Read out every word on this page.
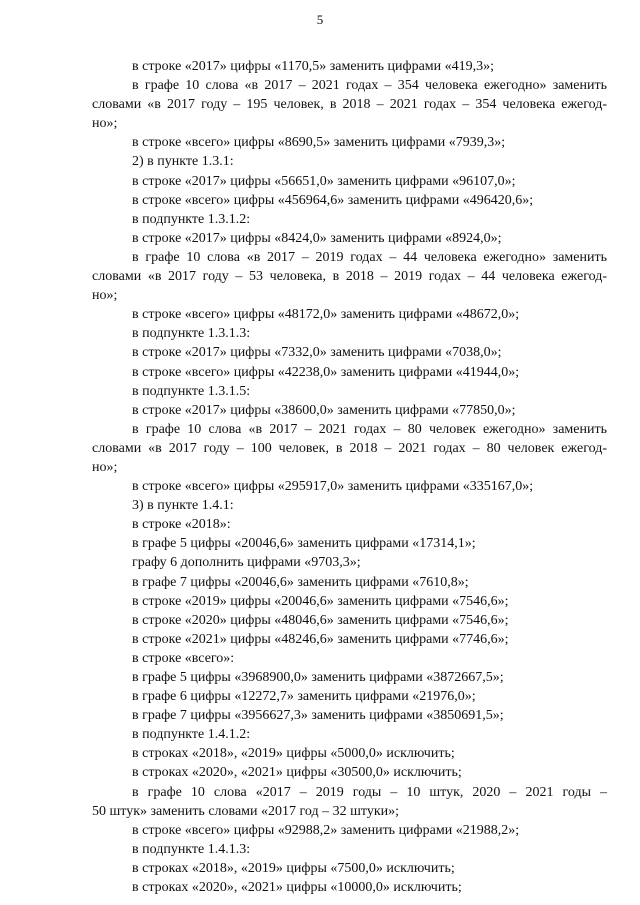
5
в строке «2017» цифры «1170,5» заменить цифрами «419,3»;
в графе 10 слова «в 2017 – 2021 годах – 354 человека ежегодно» заменить
словами «в 2017 году – 195 человек, в 2018 – 2021 годах – 354 человека ежегод-
но»;
в строке «всего» цифры «8690,5» заменить цифрами «7939,3»;
2) в пункте 1.3.1:
в строке «2017» цифры «56651,0» заменить цифрами «96107,0»;
в строке «всего» цифры «456964,6» заменить цифрами «496420,6»;
в подпункте 1.3.1.2:
в строке «2017» цифры «8424,0» заменить цифрами «8924,0»;
в графе 10 слова «в 2017 – 2019 годах – 44 человека ежегодно» заменить
словами «в 2017 году – 53 человека, в 2018 – 2019 годах – 44 человека ежегод-
но»;
в строке «всего» цифры «48172,0» заменить цифрами «48672,0»;
в подпункте 1.3.1.3:
в строке «2017» цифры «7332,0» заменить цифрами «7038,0»;
в строке «всего» цифры «42238,0» заменить цифрами «41944,0»;
в подпункте 1.3.1.5:
в строке «2017» цифры «38600,0» заменить цифрами «77850,0»;
в графе 10 слова «в 2017 – 2021 годах – 80 человек ежегодно» заменить
словами «в 2017 году – 100 человек, в 2018 – 2021 годах – 80 человек ежегод-
но»;
в строке «всего» цифры «295917,0» заменить цифрами «335167,0»;
3) в пункте 1.4.1:
в строке «2018»:
в графе 5 цифры «20046,6» заменить цифрами «17314,1»;
графу 6 дополнить цифрами «9703,3»;
в графе 7 цифры «20046,6» заменить цифрами «7610,8»;
в строке «2019» цифры «20046,6» заменить цифрами «7546,6»;
в строке «2020» цифры «48046,6» заменить цифрами «7546,6»;
в строке «2021» цифры «48246,6» заменить цифрами «7746,6»;
в строке «всего»:
в графе 5 цифры «3968900,0» заменить цифрами «3872667,5»;
в графе 6 цифры «12272,7» заменить цифрами «21976,0»;
в графе 7 цифры «3956627,3» заменить цифрами «3850691,5»;
в подпункте 1.4.1.2:
в строках «2018», «2019» цифры «5000,0» исключить;
в строках «2020», «2021» цифры «30500,0» исключить;
в графе 10 слова «2017 – 2019 годы – 10 штук, 2020 – 2021 годы –
50 штук» заменить словами «2017 год – 32 штуки»;
в строке «всего» цифры «92988,2» заменить цифрами «21988,2»;
в подпункте 1.4.1.3:
в строках «2018», «2019» цифры «7500,0» исключить;
в строках «2020», «2021» цифры «10000,0» исключить;
